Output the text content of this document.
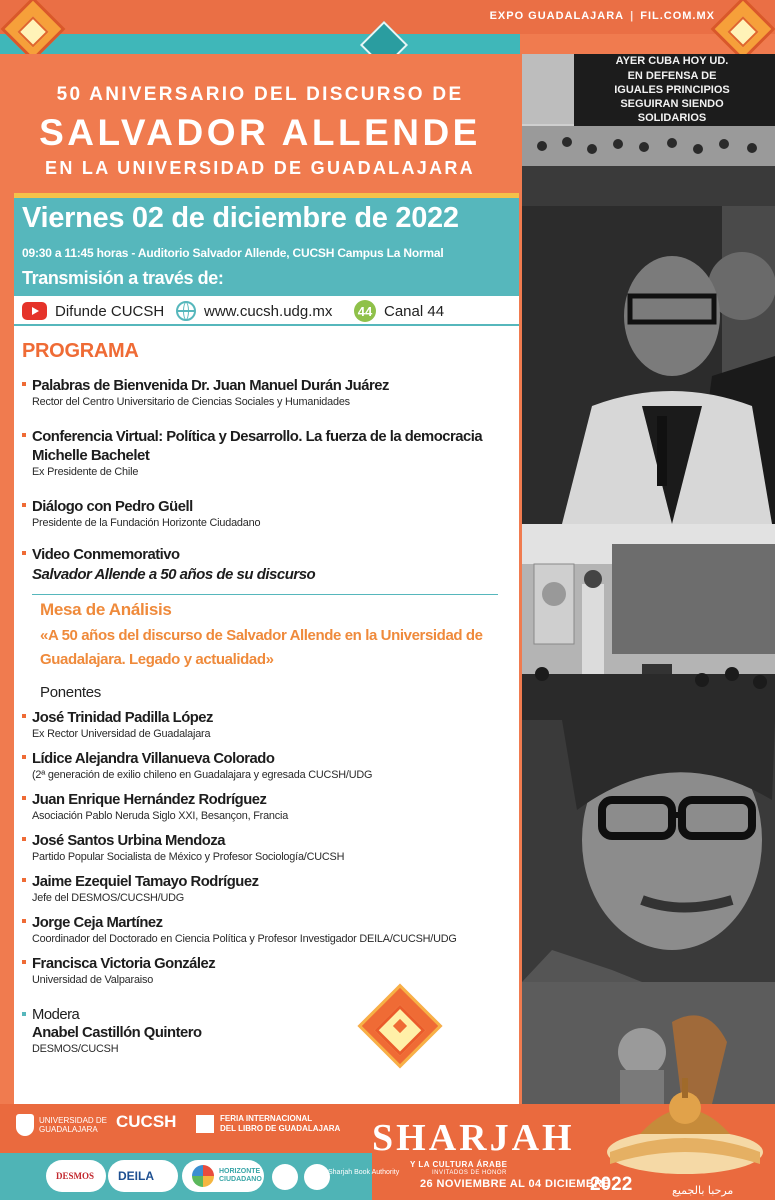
EXPO GUADALAJARA | FIL.COM.MX
50 ANIVERSARIO DEL DISCURSO DE
SALVADOR ALLENDE
EN LA UNIVERSIDAD DE GUADALAJARA
Viernes 02 de diciembre de 2022
09:30 a 11:45 horas - Auditorio Salvador Allende, CUCSH Campus La Normal
Transmisión a través de:
Difunde CUCSH	www.cucsh.udg.mx 44 Canal 44
PROGRAMA
Palabras de Bienvenida Dr. Juan Manuel Durán Juárez
Rector del Centro Universitario de Ciencias Sociales y Humanidades
Conferencia Virtual: Política y Desarrollo. La fuerza de la democracia
Michelle Bachelet
Ex Presidente de Chile
Diálogo con Pedro Güell
Presidente de la Fundación Horizonte Ciudadano
Video Conmemorativo
Salvador Allende a 50 años de su discurso
Mesa de Análisis
«A 50 años del discurso de Salvador Allende en la Universidad de Guadalajara. Legado y actualidad»
Ponentes
José Trinidad Padilla López
Ex Rector Universidad de Guadalajara
Lídice Alejandra Villanueva Colorado
(2ª generación de exilio chileno en Guadalajara y egresada CUCSH/UDG
Juan Enrique Hernández Rodríguez
Asociación Pablo Neruda Siglo XXI, Besançon, Francia
José Santos Urbina Mendoza
Partido Popular Socialista de México y Profesor Sociología/CUCSH
Jaime Ezequiel Tamayo Rodríguez
Jefe del DESMOS/CUCSH/UDG
Jorge Ceja Martínez
Coordinador del Doctorado en Ciencia Política y Profesor Investigador DEILA/CUCSH/UDG
Francisca Victoria González
Universidad de Valparaiso
Modera
Anabel Castillón Quintero
DESMOS/CUCSH
AYER CUBA HOY UD.
EN DEFENSA DE
IGUALES PRINCIPIOS
SEGUIRAN SIENDO
SOLIDARIOS
UNIVERSIDAD DE
GUADALAJARA	CUCSH	FERIA INTERNACIONAL
DEL LIBRO DE GUADALAJARA
DESMOS DEILA	HORIZONTE
CIUDADANO
Sharjah Book Authority
SHARJAH
Y LA CULTURA ÁRABE
INVITADOS DE HONOR
26 NOVIEMBRE AL 04 DICIEMBRE
2022	مرحبا بالجميع
